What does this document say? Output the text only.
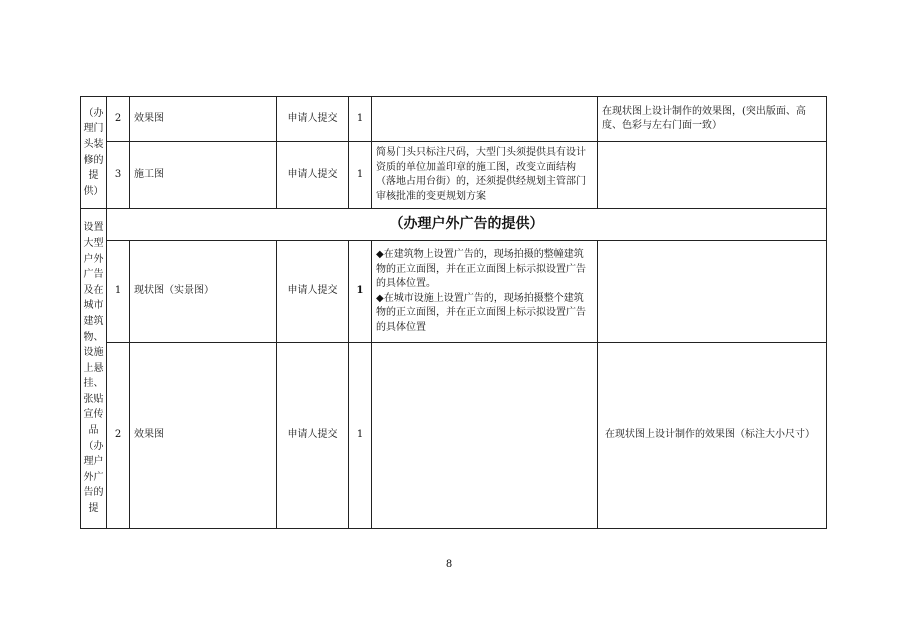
（办理门头装修的提供）	2	效果图	申请人提交	1		在现状图上设计制作的效果图，(突出版面、高度、色彩与左右门面一致）
	3	施工图	申请人提交	1	简易门头只标注尺码，大型门头须提供具有设计资质的单位加盖印章的施工图，改变立面结构（落地占用台街）的，还须提供经规划主管部门审核批准的变更规划方案	
设置大型户外广告及在城市建筑物、设施上悬挂、张贴宣传品（办理户外广告的提	（办理户外广告的提供）					
	1	现状图（实景图）	申请人提交	1	◆在建筑物上设置广告的，现场拍摄的整幢建筑物的正立面图，并在正立面图上标示拟设置广告的具体位置。
◆在城市设施上设置广告的，现场拍摄整个建筑物的正立面图，并在正立面图上标示拟设置广告的具体位置	

	2	效果图	申请人提交	1		在现状图上设计制作的效果图（标注大小尺寸）
8
